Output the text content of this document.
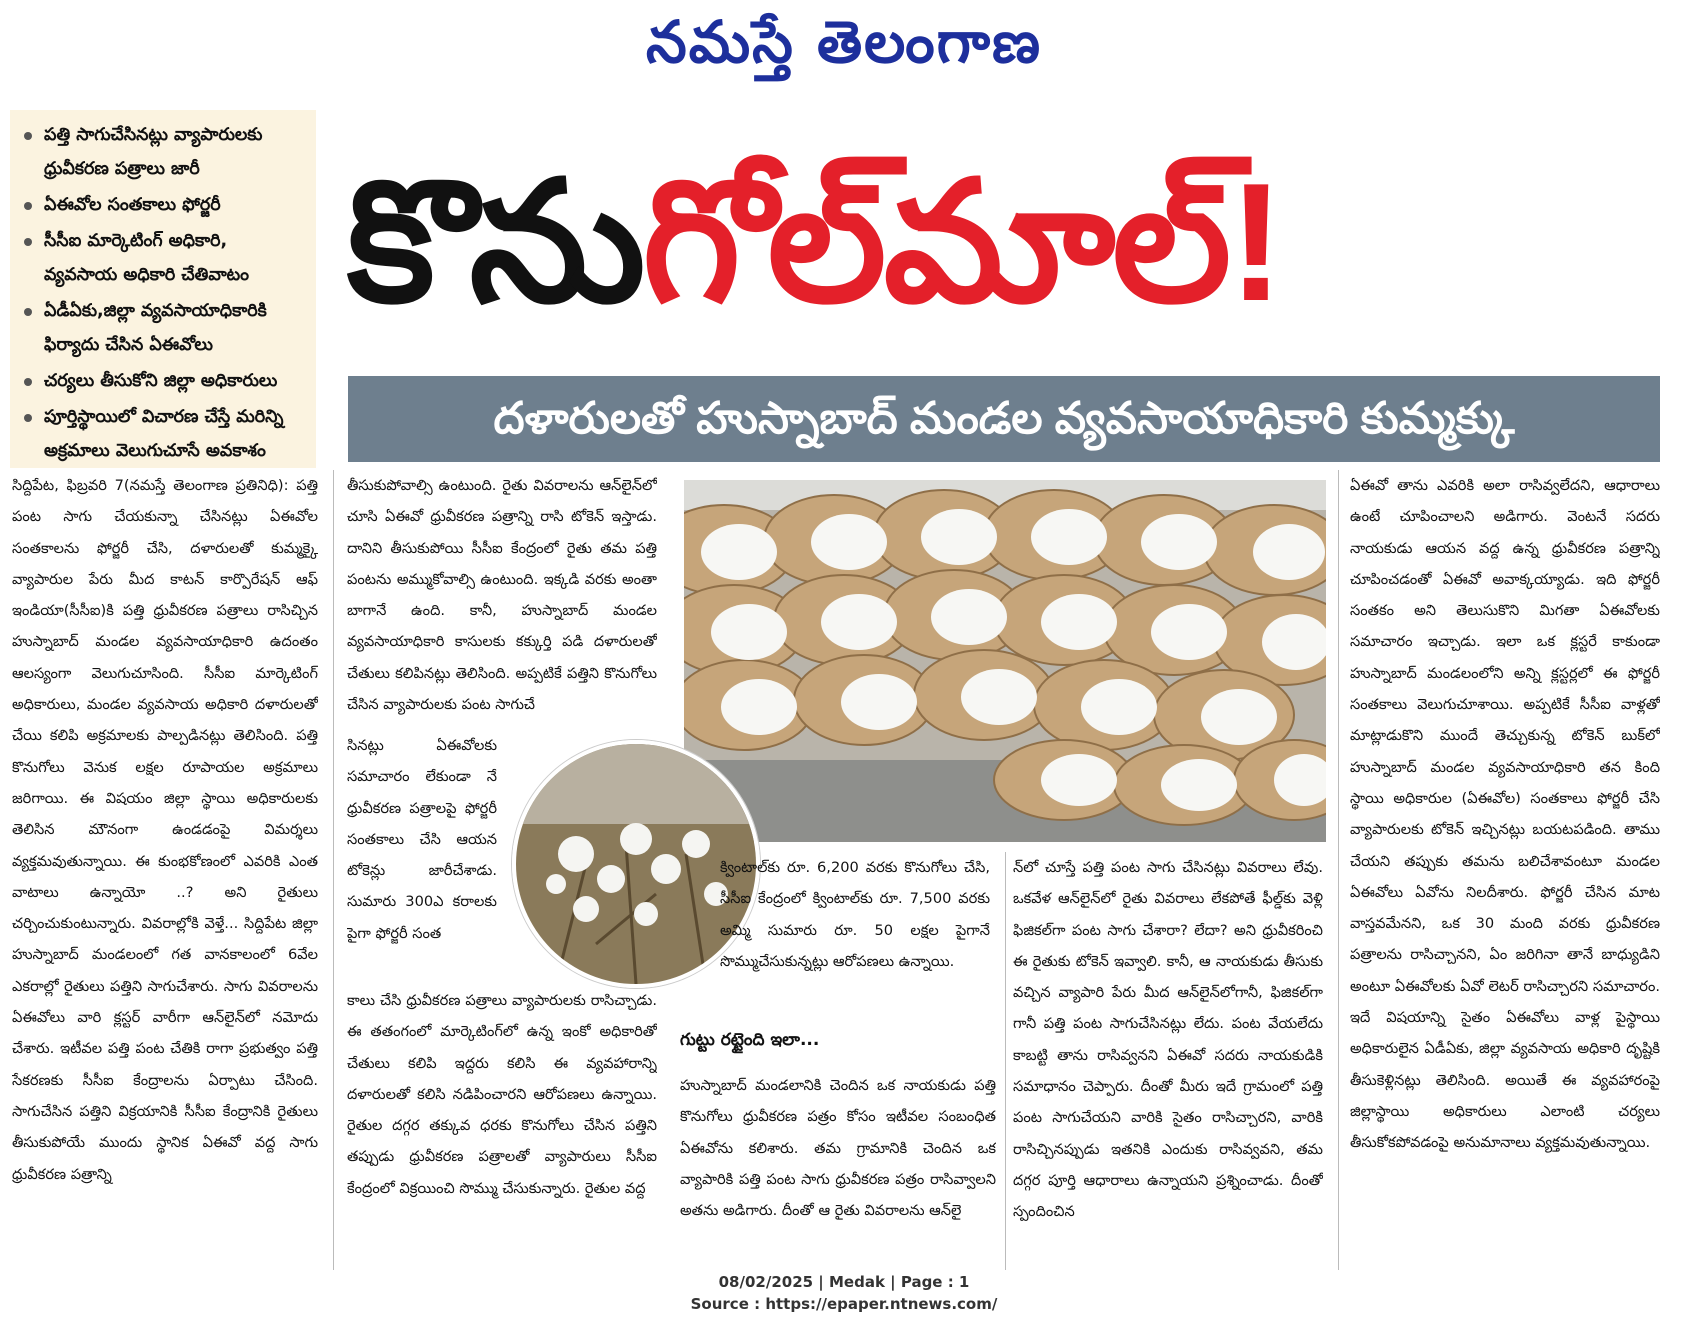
నమస్తే తెలంగాణ
పత్తి సాగుచేసినట్లు వ్యాపారులకు ధ్రువీకరణ పత్రాలు జారీ
ఏఈవోల సంతకాలు ఫోర్జరీ
సీసీఐ మార్కెటింగ్ అధికారి, వ్యవసాయ అధికారి చేతివాటం
ఏడీఏకు,జిల్లా వ్యవసాయాధికారికి ఫిర్యాదు చేసిన ఏఈవోలు
చర్యలు తీసుకోని జిల్లా అధికారులు
పూర్తిస్థాయిలో విచారణ చేస్తే మరిన్ని అక్రమాలు వెలుగుచూసే అవకాశం
కొనుగోల్‌మాల్!
దళారులతో హుస్నాబాద్ మండల వ్యవసాయాధికారి కుమ్మక్కు
సిద్దిపేట, ఫిబ్రవరి 7(నమస్తే తెలంగాణ ప్రతినిధి): పత్తి పంట సాగు చేయకున్నా చేసినట్లు ఏఈవోల సంతకాలను ఫోర్జరీ చేసి, దళారులతో కుమ్మక్కై వ్యాపారుల పేరు మీద కాటన్ కార్పొరేషన్ ఆఫ్ ఇండియా(సీసీఐ)కి పత్తి ధ్రువీకరణ పత్రాలు రాసిచ్చిన హుస్నాబాద్ మండల వ్యవసాయాధికారి ఉదంతం ఆలస్యంగా వెలుగుచూసింది. సీసీఐ మార్కెటింగ్ అధికారులు, మండల వ్యవసాయ అధికారి దళారులతో చేయి కలిపి అక్రమాలకు పాల్పడినట్లు తెలిసింది. పత్తి కొనుగోలు వెనుక లక్షల రూపాయల అక్రమాలు జరిగాయి. ఈ విషయం జిల్లా స్థాయి అధికారులకు తెలిసిన మౌనంగా ఉండడంపై విమర్శలు వ్యక్తమవుతున్నాయి. ఈ కుంభకోణంలో ఎవరికి ఎంత వాటాలు ఉన్నాయో ..? అని రైతులు చర్చించుకుంటున్నారు. వివరాల్లోకి వెళ్తే... సిద్దిపేట జిల్లా హుస్నాబాద్ మండలంలో గత వానకాలంలో 6వేల ఎకరాల్లో రైతులు పత్తిని సాగుచేశారు. సాగు వివరాలను ఏఈవోలు వారి క్లస్టర్ వారీగా ఆన్‌లైన్‌లో నమోదు చేశారు. ఇటీవల పత్తి పంట చేతికి రాగా ప్రభుత్వం పత్తి సేకరణకు సీసీఐ కేంద్రాలను ఏర్పాటు చేసింది. సాగుచేసిన పత్తిని విక్రయానికి సీసీఐ కేంద్రానికి రైతులు తీసుకుపోయే ముందు స్థానిక ఏఈవో వద్ద సాగు ధ్రువీకరణ పత్రాన్ని
తీసుకుపోవాల్సి ఉంటుంది. రైతు వివరాలను ఆన్‌లైన్‌లో చూసి ఏఈవో ధ్రువీకరణ పత్రాన్ని రాసి టోకెన్ ఇస్తాడు. దానిని తీసుకుపోయి సీసీఐ కేంద్రంలో రైతు తమ పత్తి పంటను అమ్ముకోవాల్సి ఉంటుంది. ఇక్కడి వరకు అంతా బాగానే ఉంది. కానీ, హుస్నాబాద్ మండల వ్యవసాయాధికారి కాసులకు కక్కుర్తి పడి దళారులతో చేతులు కలిపినట్లు తెలిసింది. అప్పటికే పత్తిని కొనుగోలు చేసిన వ్యాపారులకు పంట సాగుచే
సినట్లు ఏఈవోలకు సమాచారం లేకుండా నే ధ్రువీకరణ పత్రాలపై ఫోర్జరీ సంతకాలు చేసి ఆయన టోకెన్లు జారీచేశాడు. సుమారు 300ఎ కరాలకు పైగా ఫోర్జరీ సంత
కాలు చేసి ధ్రువీకరణ పత్రాలు వ్యాపారులకు రాసిచ్చాడు. ఈ తతంగంలో మార్కెటింగ్‌లో ఉన్న ఇంకో అధికారితో చేతులు కలిపి ఇద్దరు కలిసి ఈ వ్యవహారాన్ని దళారులతో కలిసి నడిపించారని ఆరోపణలు ఉన్నాయి. రైతుల దగ్గర తక్కువ ధరకు కొనుగోలు చేసిన పత్తిని తప్పుడు ధ్రువీకరణ పత్రాలతో వ్యాపారులు సీసీఐ కేంద్రంలో విక్రయించి సొమ్ము చేసుకున్నారు. రైతుల వద్ద
క్వింటాల్‌కు రూ. 6,200 వరకు కొనుగోలు చేసి, సీసీఐ కేంద్రంలో క్వింటాల్‌కు రూ. 7,500 వరకు అమ్మి సుమారు రూ. 50 లక్షల పైగానే సొమ్ముచేసుకున్నట్లు ఆరోపణలు ఉన్నాయి.
గుట్టు రట్టైంది ఇలా...
హుస్నాబాద్ మండలానికి చెందిన ఒక నాయకుడు పత్తి కొనుగోలు ధ్రువీకరణ పత్రం కోసం ఇటీవల సంబంధిత ఏఈవోను కలిశారు. తమ గ్రామానికి చెందిన ఒక వ్యాపారికి పత్తి పంట సాగు ధ్రువీకరణ పత్రం రాసివ్వాలని అతను అడిగారు. దీంతో ఆ రైతు వివరాలను ఆన్‌లై
న్‌లో చూస్తే పత్తి పంట సాగు చేసినట్లు వివరాలు లేవు. ఒకవేళ ఆన్‌లైన్‌లో రైతు వివరాలు లేకపోతే ఫీల్డ్‌కు వెళ్లి ఫిజికల్‌గా పంట సాగు చేశారా? లేదా? అని ధ్రువీకరించి ఈ రైతుకు టోకెన్ ఇవ్వాలి. కానీ, ఆ నాయకుడు తీసుకు వచ్చిన వ్యాపారి పేరు మీద ఆన్‌లైన్‌లోగానీ, ఫిజికల్‌గా గానీ పత్తి పంట సాగుచేసినట్లు లేదు. పంట వేయలేదు కాబట్టి తాను రాసివ్వనని ఏఈవో సదరు నాయకుడికి సమాధానం చెప్పారు. దీంతో మీరు ఇదే గ్రామంలో పత్తి పంట సాగుచేయని వారికి సైతం రాసిచ్చారని, వారికి రాసిచ్చినప్పుడు ఇతనికి ఎందుకు రాసివ్వవని, తమ దగ్గర పూర్తి ఆధారాలు ఉన్నాయని ప్రశ్నించాడు. దీంతో స్పందించిన
ఏఈవో తాను ఎవరికి అలా రాసివ్వలేదని, ఆధారాలు ఉంటే చూపించాలని అడిగారు. వెంటనే సదరు నాయకుడు ఆయన వద్ద ఉన్న ధ్రువీకరణ పత్రాన్ని చూపించడంతో ఏఈవో అవాక్కయ్యాడు. ఇది ఫోర్జరీ సంతకం అని తెలుసుకొని మిగతా ఏఈవోలకు సమాచారం ఇచ్చాడు. ఇలా ఒక క్లస్టరే కాకుండా హుస్నాబాద్ మండలంలోని అన్ని క్లస్టర్లలో ఈ ఫోర్జరీ సంతకాలు వెలుగుచూశాయి. అప్పటికే సీసీఐ వాళ్లతో మాట్లాడుకొని ముందే తెచ్చుకున్న టోకెన్ బుక్‌లో హుస్నాబాద్ మండల వ్యవసాయాధికారి తన కింది స్థాయి అధికారుల (ఏఈవోల) సంతకాలు ఫోర్జరీ చేసి వ్యాపారులకు టోకెన్ ఇచ్చినట్లు బయటపడింది. తాము చేయని తప్పుకు తమను బలిచేశావంటూ మండల ఏఈవోలు ఏవోను నిలదీశారు. ఫోర్జరీ చేసిన మాట వాస్తవమేనని, ఒక 30 మంది వరకు ధ్రువీకరణ పత్రాలను రాసిచ్చానని, ఏం జరిగినా తానే బాధ్యుడిని అంటూ ఏఈవోలకు ఏవో లెటర్ రాసిచ్చారని సమాచారం. ఇదే విషయాన్ని సైతం ఏఈవోలు వాళ్ల పైస్థాయి అధికారులైన ఏడీఏకు, జిల్లా వ్యవసాయ అధికారి దృష్టికి తీసుకెళ్లినట్లు తెలిసింది. అయితే ఈ వ్యవహారంపై జిల్లాస్థాయి అధికారులు ఎలాంటి చర్యలు తీసుకోకపోవడంపై అనుమానాలు వ్యక్తమవుతున్నాయి.
08/02/2025 | Medak | Page : 1
Source : https://epaper.ntnews.com/
